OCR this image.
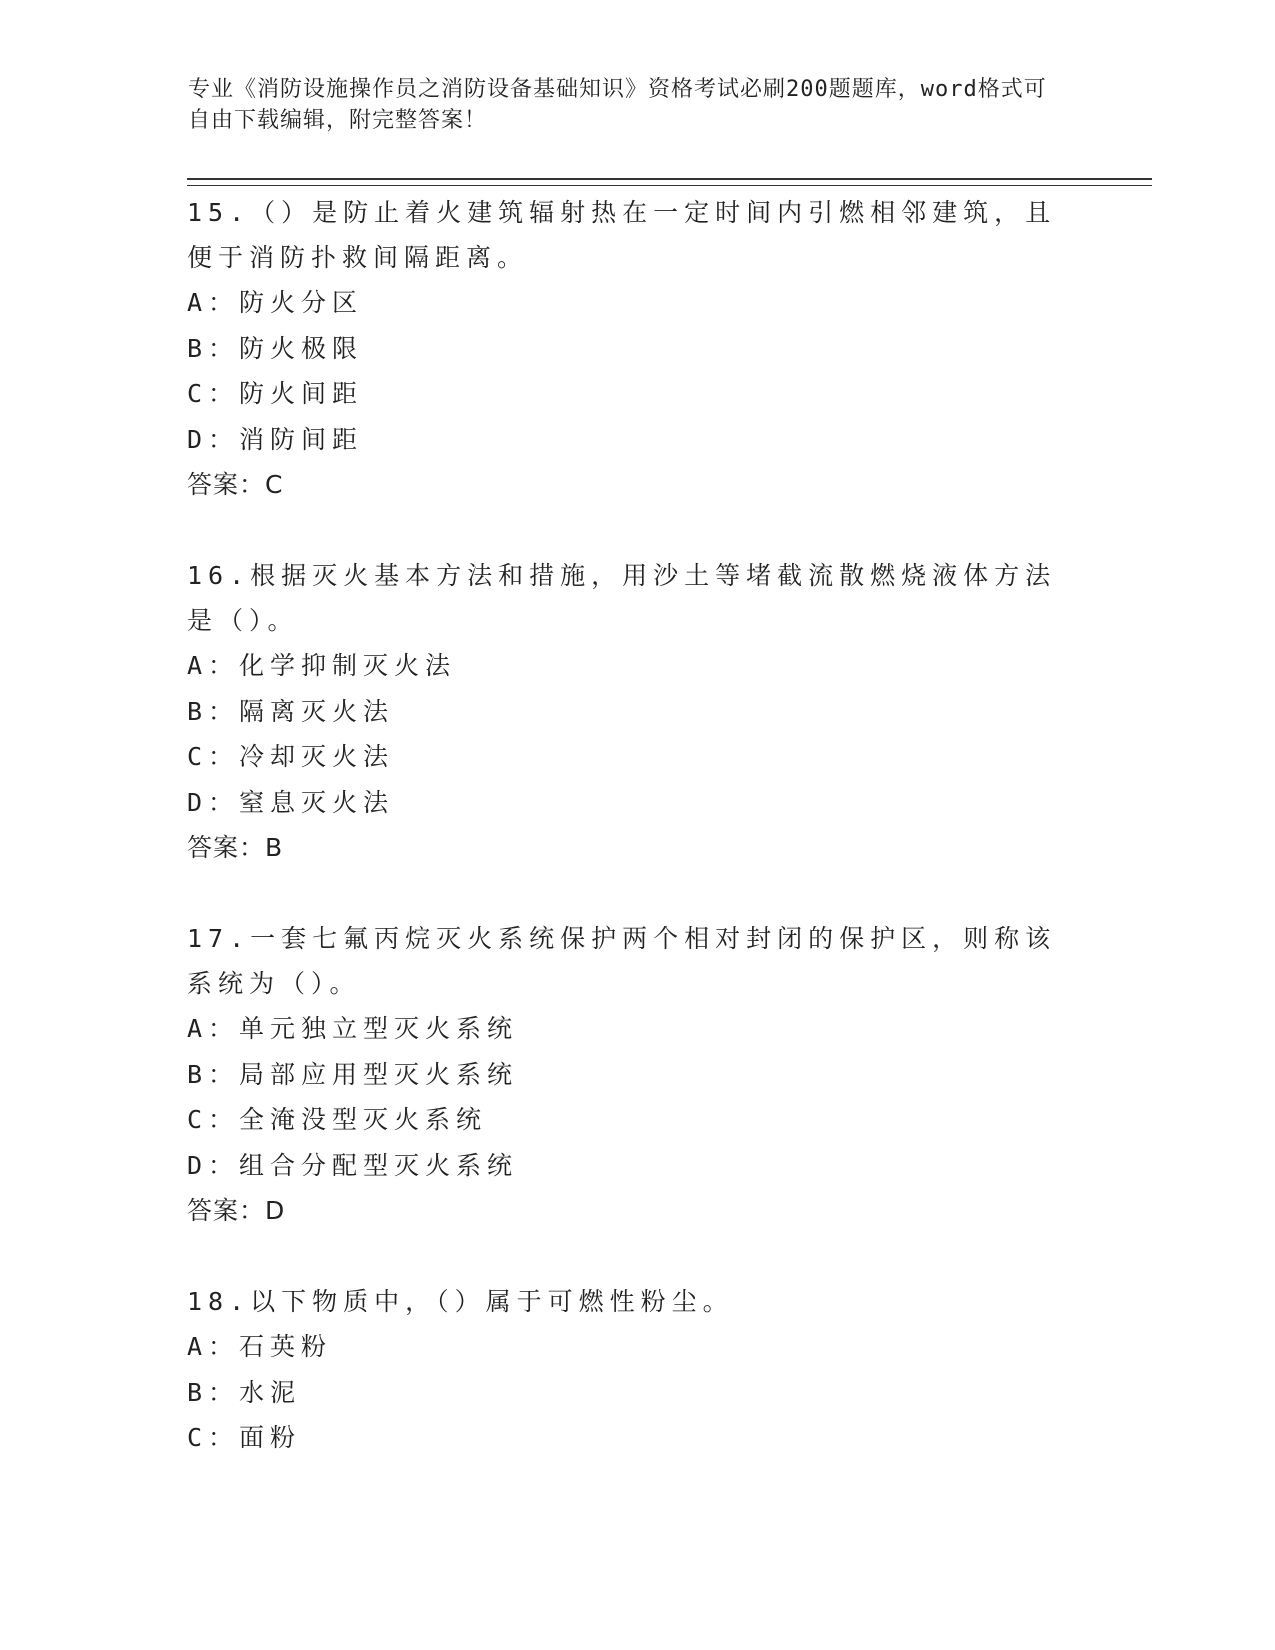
专业《消防设施操作员之消防设备基础知识》资格考试必刷200题题库，word格式可自由下载编辑，附完整答案！
15.（）是防止着火建筑辐射热在一定时间内引燃相邻建筑，且便于消防扑救间隔距离。
A：防火分区
B：防火极限
C：防火间距
D：消防间距
答案：C
16.根据灭火基本方法和措施，用沙土等堵截流散燃烧液体方法是（）。
A：化学抑制灭火法
B：隔离灭火法
C：冷却灭火法
D：窒息灭火法
答案：B
17.一套七氟丙烷灭火系统保护两个相对封闭的保护区，则称该系统为（）。
A：单元独立型灭火系统
B：局部应用型灭火系统
C：全淹没型灭火系统
D：组合分配型灭火系统
答案：D
18.以下物质中，（）属于可燃性粉尘。
A：石英粉
B：水泥
C：面粉
